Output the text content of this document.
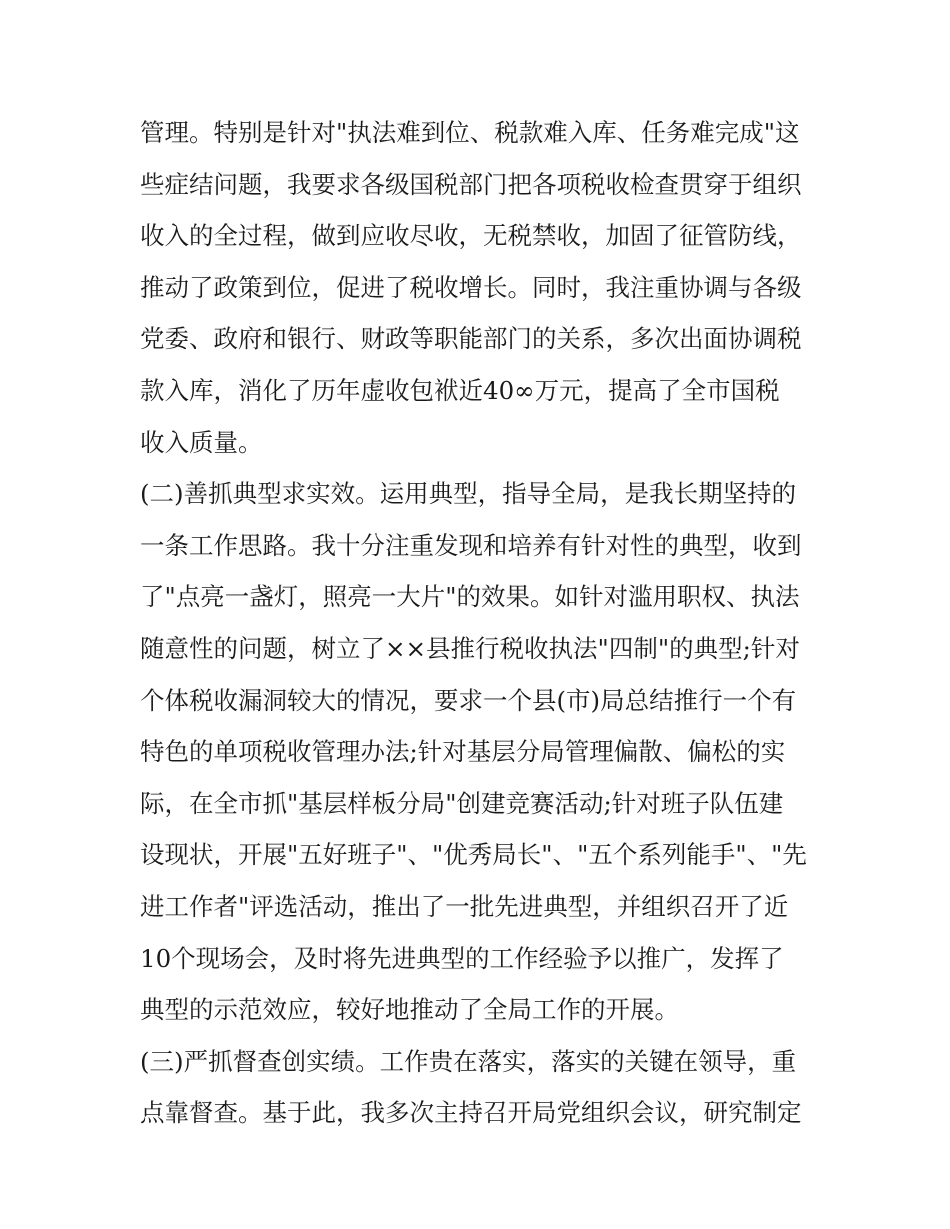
管理。特别是针对"执法难到位、税款难入库、任务难完成"这
些症结问题，我要求各级国税部门把各项税收检查贯穿于组织
收入的全过程，做到应收尽收，无税禁收，加固了征管防线，
推动了政策到位，促进了税收增长。同时，我注重协调与各级
党委、政府和银行、财政等职能部门的关系，多次出面协调税
款入库，消化了历年虚收包袱近40∞万元，提高了全市国税
收入质量。
(二)善抓典型求实效。运用典型，指导全局，是我长期坚持的
一条工作思路。我十分注重发现和培养有针对性的典型，收到
了"点亮一盏灯，照亮一大片"的效果。如针对滥用职权、执法
随意性的问题，树立了××县推行税收执法"四制"的典型;针对
个体税收漏洞较大的情况，要求一个县(市)局总结推行一个有
特色的单项税收管理办法;针对基层分局管理偏散、偏松的实
际，在全市抓"基层样板分局"创建竞赛活动;针对班子队伍建
设现状，开展"五好班子"、"优秀局长"、"五个系列能手"、"先
进工作者"评选活动，推出了一批先进典型，并组织召开了近
10个现场会，及时将先进典型的工作经验予以推广，发挥了
典型的示范效应，较好地推动了全局工作的开展。
(三)严抓督查创实绩。工作贵在落实，落实的关键在领导，重
点靠督查。基于此，我多次主持召开局党组织会议，研究制定
